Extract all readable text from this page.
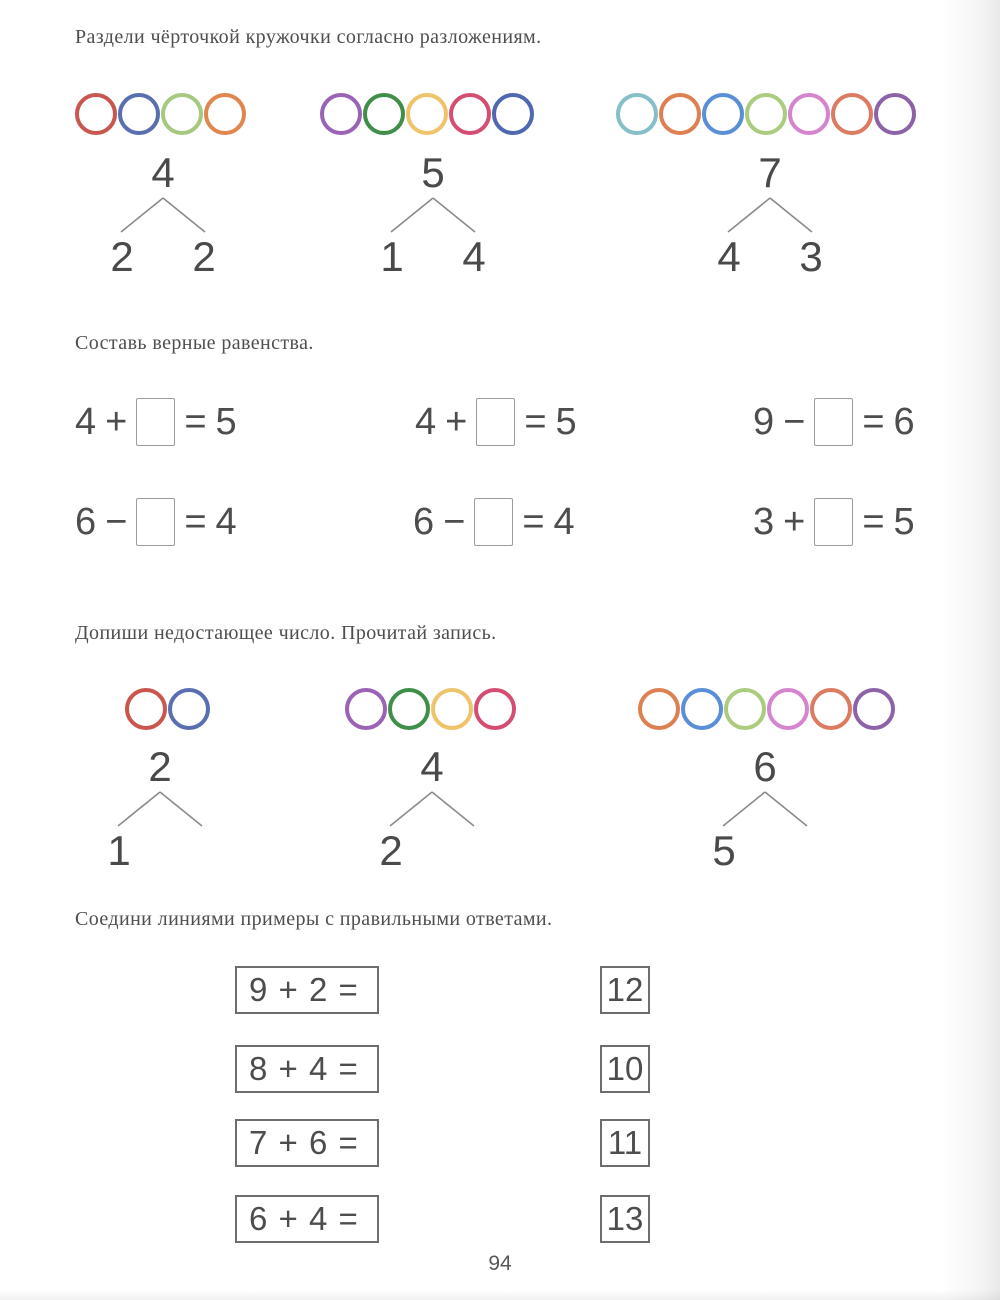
Раздели чёрточкой кружочки согласно разложениям.
Составь верные равенства.
Допиши недостающее число. Прочитай запись.
Соедини линиями примеры с правильными ответами.
94
4
2 2
5
1 4
7
4 3
2
1
4
2
6
5
4 + = 5	4 + = 5	9 − = 6
6 − = 4	6 − = 4	3 + = 5
9 + 2 =
8 + 4 =
7 + 6 =
6 + 4 =
12
10
11
13
